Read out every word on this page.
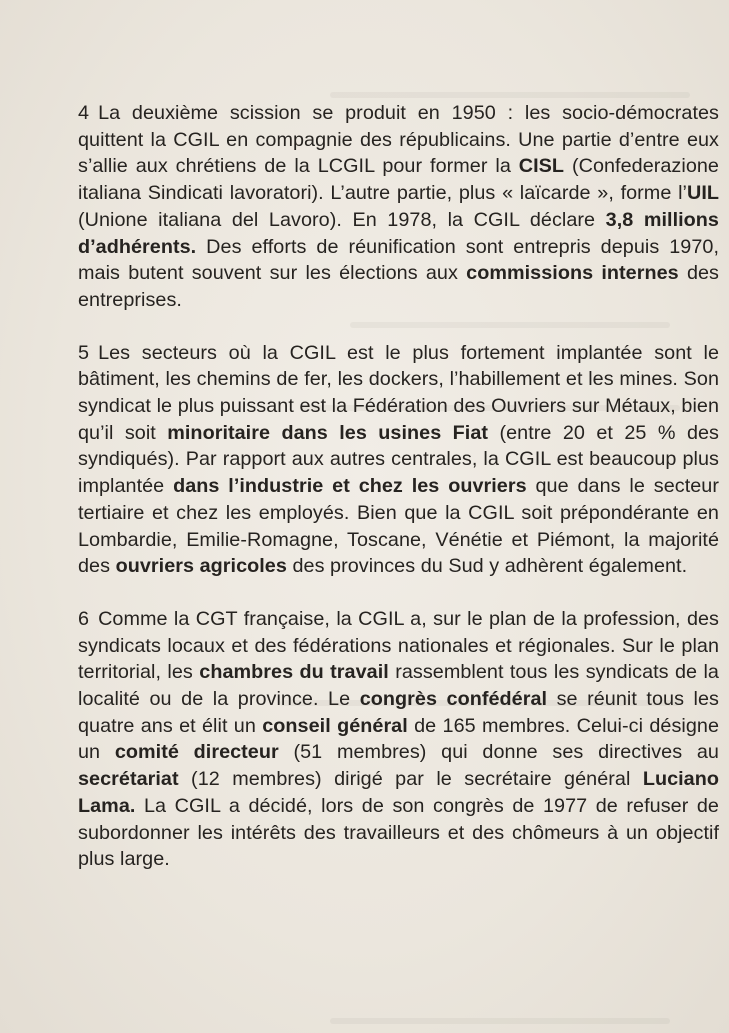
4 La deuxième scission se produit en 1950 : les socio-démocrates quittent la CGIL en compagnie des républicains. Une partie d’entre eux s’allie aux chrétiens de la LCGIL pour former la CISL (Confederazione italiana Sindicati lavoratori). L’autre partie, plus « laïcarde », forme l’UIL (Unione italiana del Lavoro). En 1978, la CGIL déclare 3,8 millions d’adhérents. Des efforts de réunification sont entrepris depuis 1970, mais butent souvent sur les élections aux commissions internes des entreprises.

5 Les secteurs où la CGIL est le plus fortement implantée sont le bâtiment, les chemins de fer, les dockers, l’habillement et les mines. Son syndicat le plus puissant est la Fédération des Ouvriers sur Métaux, bien qu’il soit minoritaire dans les usines Fiat (entre 20 et 25 % des syndiqués). Par rapport aux autres centrales, la CGIL est beaucoup plus implantée dans l’industrie et chez les ouvriers que dans le secteur tertiaire et chez les employés. Bien que la CGIL soit prépondérante en Lombardie, Emilie-Romagne, Toscane, Vénétie et Piémont, la majorité des ouvriers agricoles des provinces du Sud y adhèrent également.

6 Comme la CGT française, la CGIL a, sur le plan de la profession, des syndicats locaux et des fédérations nationales et régionales. Sur le plan territorial, les chambres du travail rassemblent tous les syndicats de la localité ou de la province. Le congrès confédéral se réunit tous les quatre ans et élit un conseil général de 165 membres. Celui-ci désigne un comité directeur (51 membres) qui donne ses directives au secrétariat (12 membres) dirigé par le secrétaire général Luciano Lama. La CGIL a décidé, lors de son congrès de 1977 de refuser de subordonner les intérêts des travailleurs et des chômeurs à un objectif plus large.
